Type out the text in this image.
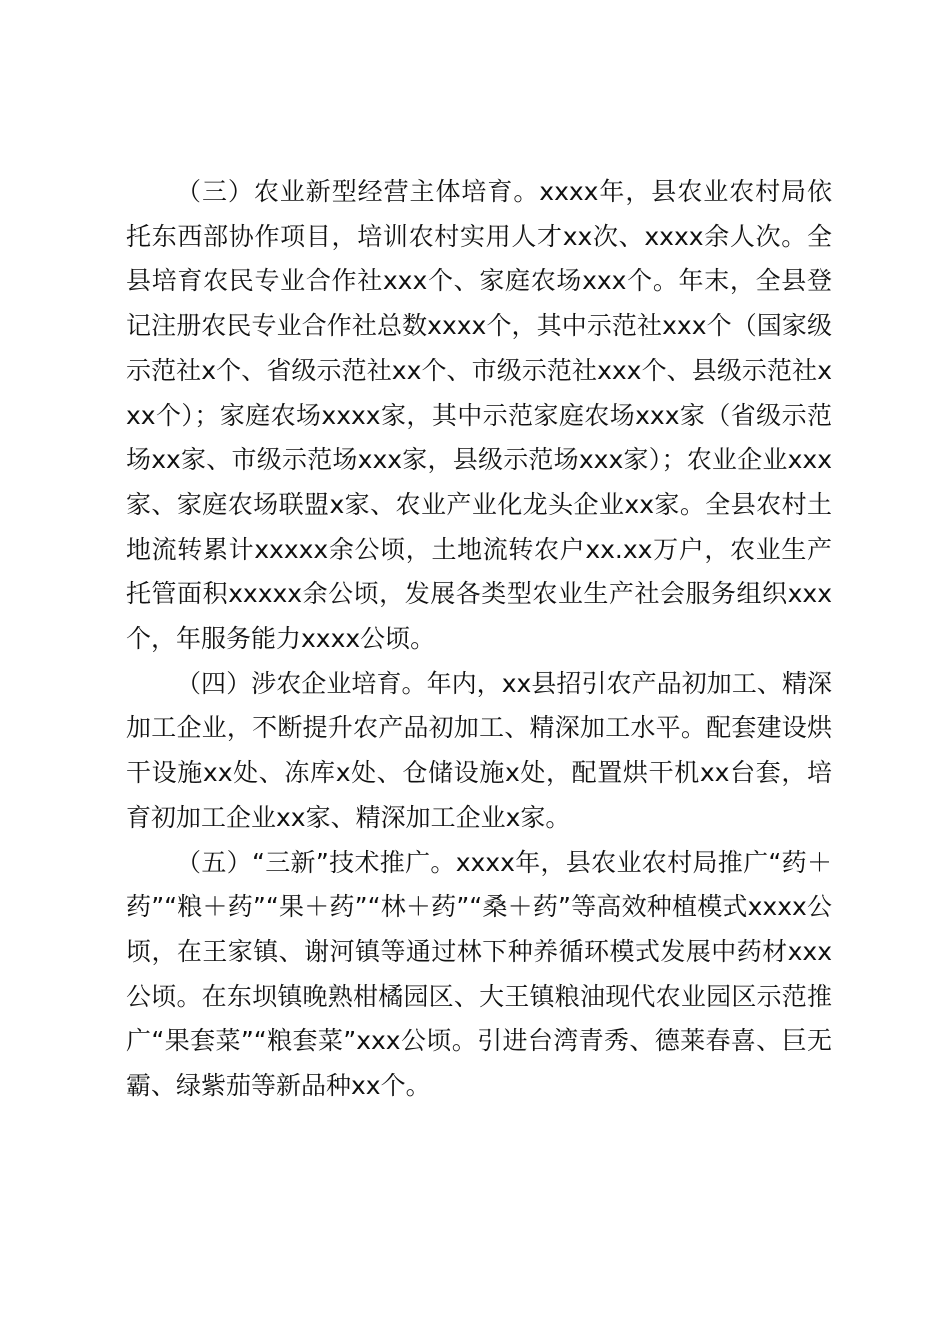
（三）农业新型经营主体培育。xxxx年，县农业农村局依托东西部协作项目，培训农村实用人才xx次、xxxx余人次。全县培育农民专业合作社xxx个、家庭农场xxx个。年末，全县登记注册农民专业合作社总数xxxx个，其中示范社xxx个（国家级示范社x个、省级示范社xx个、市级示范社xxx个、县级示范社xxx个）；家庭农场xxxx家，其中示范家庭农场xxx家（省级示范场xx家、市级示范场xxx家，县级示范场xxx家）；农业企业xxx家、家庭农场联盟x家、农业产业化龙头企业xx家。全县农村土地流转累计xxxxx余公顷，土地流转农户xx.xx万户，农业生产托管面积xxxxx余公顷，发展各类型农业生产社会服务组织xxx个，年服务能力xxxx公顷。

（四）涉农企业培育。年内，xx县招引农产品初加工、精深加工企业，不断提升农产品初加工、精深加工水平。配套建设烘干设施xx处、冻库x处、仓储设施x处，配置烘干机xx台套，培育初加工企业xx家、精深加工企业x家。

（五）“三新”技术推广。xxxx年，县农业农村局推广“药＋药”“粮＋药”“果＋药”“林＋药”“桑＋药”等高效种植模式xxxx公顷，在王家镇、谢河镇等通过林下种养循环模式发展中药材xxx公顷。在东坝镇晚熟柑橘园区、大王镇粮油现代农业园区示范推广“果套菜”“粮套菜”xxx公顷。引进台湾青秀、德莱春喜、巨无霸、绿紫茄等新品种xx个。
